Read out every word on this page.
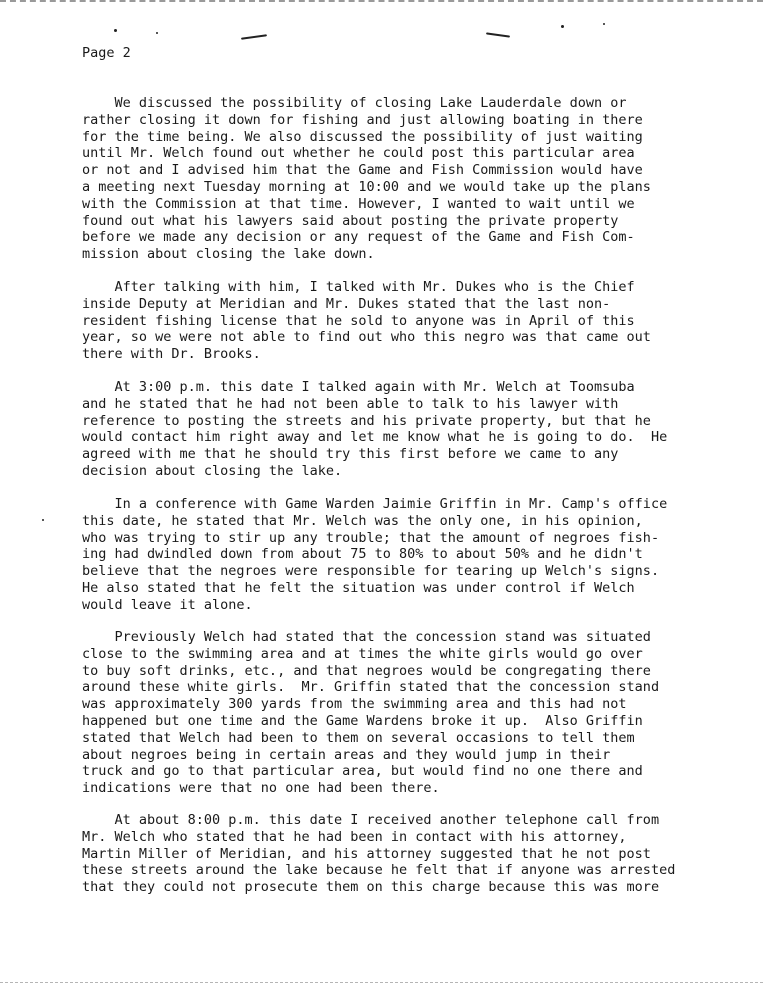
Page 2
We discussed the possibility of closing Lake Lauderdale down or
rather closing it down for fishing and just allowing boating in there
for the time being. We also discussed the possibility of just waiting
until Mr. Welch found out whether he could post this particular area
or not and I advised him that the Game and Fish Commission would have
a meeting next Tuesday morning at 10:00 and we would take up the plans
with the Commission at that time. However, I wanted to wait until we
found out what his lawyers said about posting the private property
before we made any decision or any request of the Game and Fish Com-
mission about closing the lake down.
After talking with him, I talked with Mr. Dukes who is the Chief
inside Deputy at Meridian and Mr. Dukes stated that the last non-
resident fishing license that he sold to anyone was in April of this
year, so we were not able to find out who this negro was that came out
there with Dr. Brooks.
At 3:00 p.m. this date I talked again with Mr. Welch at Toomsuba
and he stated that he had not been able to talk to his lawyer with
reference to posting the streets and his private property, but that he
would contact him right away and let me know what he is going to do.  He
agreed with me that he should try this first before we came to any
decision about closing the lake.
In a conference with Game Warden Jaimie Griffin in Mr. Camp's office
this date, he stated that Mr. Welch was the only one, in his opinion,
who was trying to stir up any trouble; that the amount of negroes fish-
ing had dwindled down from about 75 to 80% to about 50% and he didn't
believe that the negroes were responsible for tearing up Welch's signs.
He also stated that he felt the situation was under control if Welch
would leave it alone.
Previously Welch had stated that the concession stand was situated
close to the swimming area and at times the white girls would go over
to buy soft drinks, etc., and that negroes would be congregating there
around these white girls.  Mr. Griffin stated that the concession stand
was approximately 300 yards from the swimming area and this had not
happened but one time and the Game Wardens broke it up.  Also Griffin
stated that Welch had been to them on several occasions to tell them
about negroes being in certain areas and they would jump in their
truck and go to that particular area, but would find no one there and
indications were that no one had been there.
At about 8:00 p.m. this date I received another telephone call from
Mr. Welch who stated that he had been in contact with his attorney,
Martin Miller of Meridian, and his attorney suggested that he not post
these streets around the lake because he felt that if anyone was arrested
that they could not prosecute them on this charge because this was more
